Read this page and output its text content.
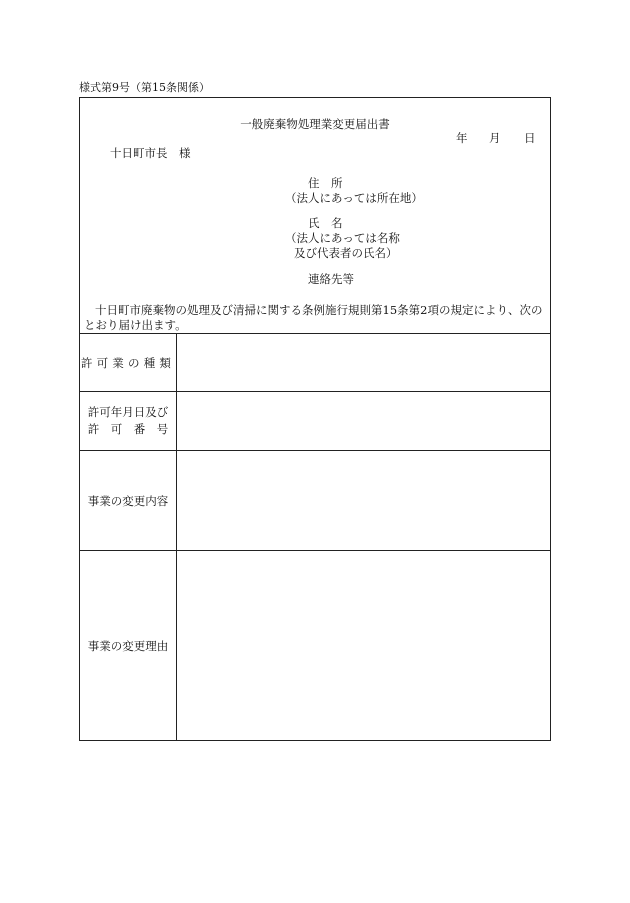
様式第9号（第15条関係）
一般廃棄物処理業変更届出書
年 月 日
十日町市長　様
住　所
（法人にあっては所在地）
氏　名
（法人にあっては名称
及び代表者の氏名）
連絡先等
十日町市廃棄物の処理及び清掃に関する条例施行規則第15条第2項の規定により、次の
とおり届け出ます。
許可業の種類
許可年月日及び
許　可　番　号
事業の変更内容
事業の変更理由
